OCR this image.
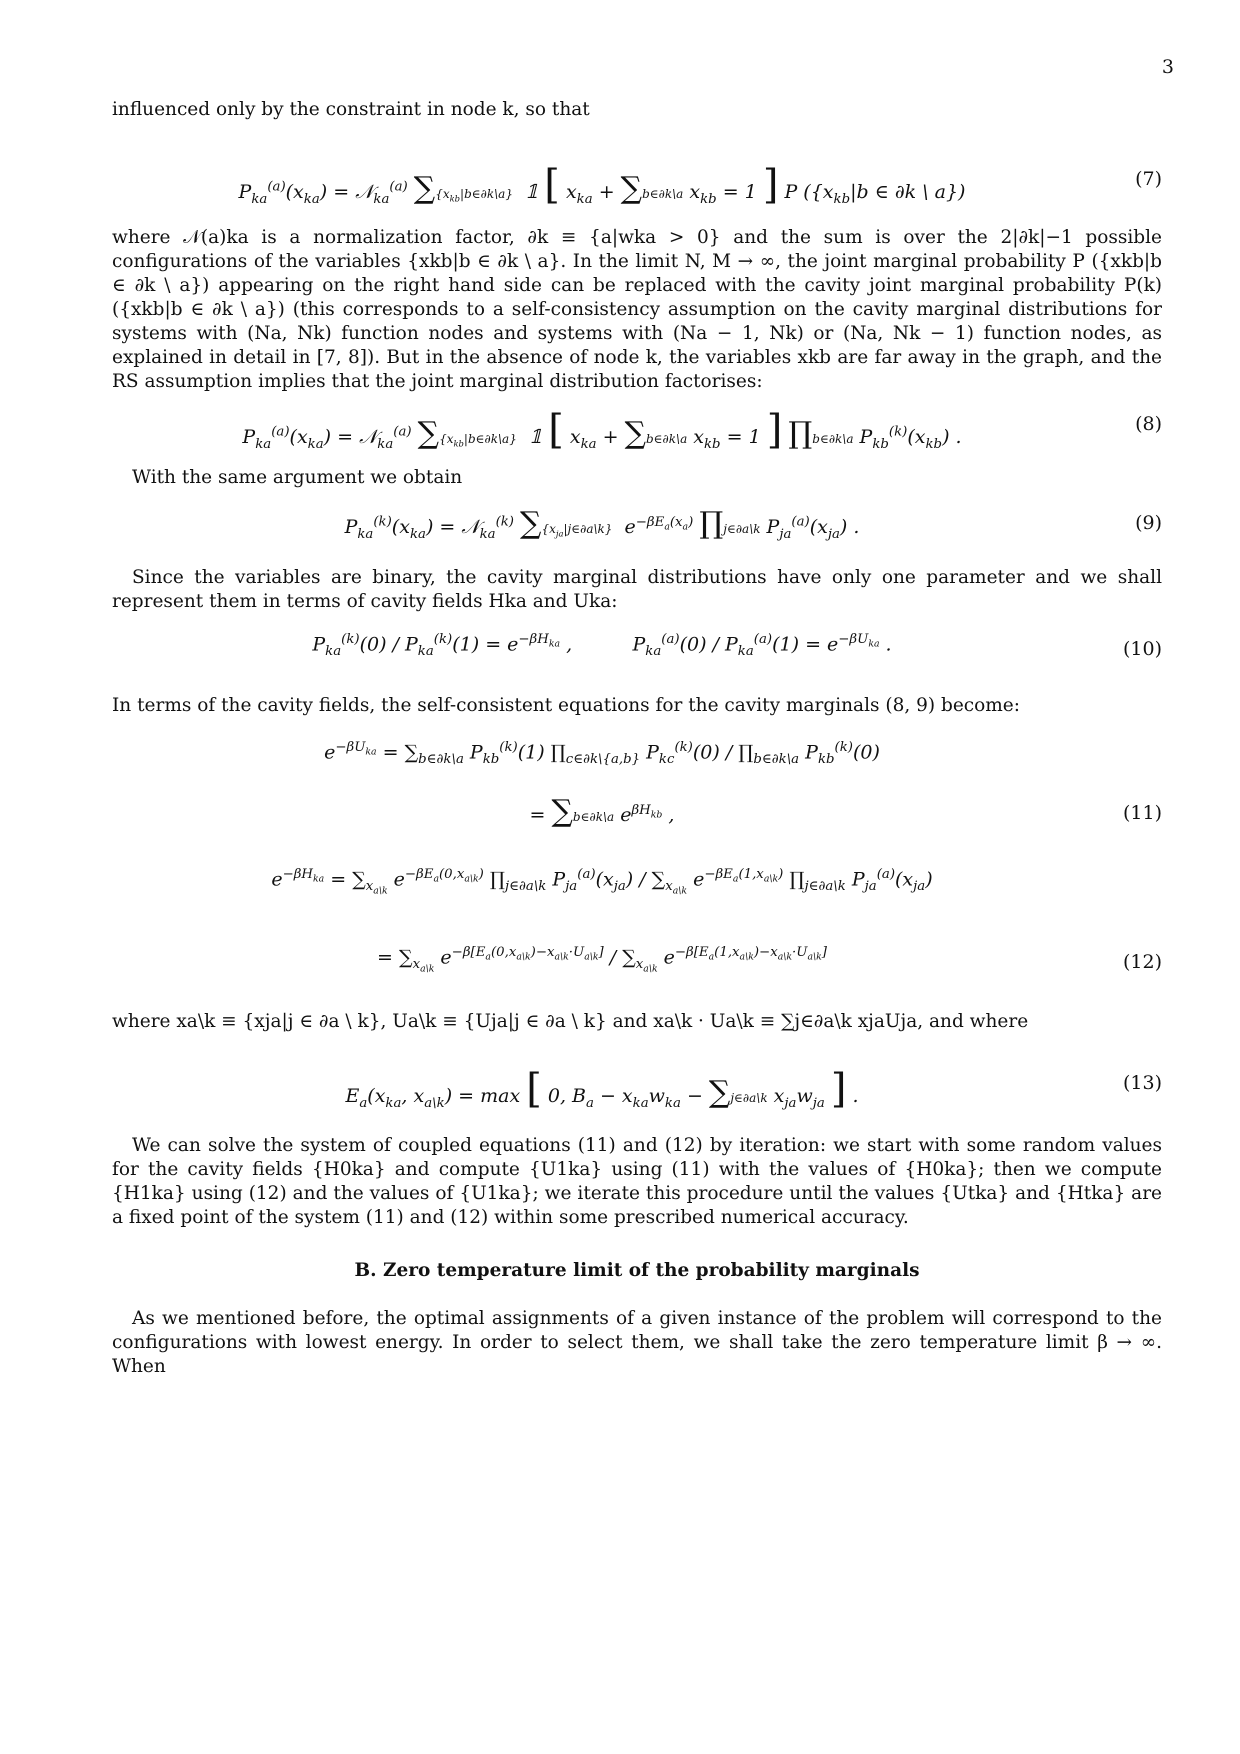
3
influenced only by the constraint in node k, so that
$P_{ka}^{(a)}(x_{ka})$ = 𝒩$_{ka}^{(a)}$ $\sum\{x_{kb}|b\in\partial k\backslash a\}$  𝟙 [ $x_{ka}$ + ∑b∈∂k\a $x_{kb} = 1$ ] P ({$x_{kb}|b$ ∈ ∂k \ a})
(7)
where 𝒩(a)ka is a normalization factor, ∂k ≡ {a|wka > 0} and the sum is over the 2|∂k|−1 possible configurations of the variables {xkb|b ∈ ∂k \ a}. In the limit N, M → ∞, the joint marginal probability P ({xkb|b ∈ ∂k \ a}) appearing on the right hand side can be replaced with the cavity joint marginal probability P(k) ({xkb|b ∈ ∂k \ a}) (this corresponds to a self-consistency assumption on the cavity marginal distributions for systems with (Na, Nk) function nodes and systems with (Na − 1, Nk) or (Na, Nk − 1) function nodes, as explained in detail in [7, 8]). But in the absence of node k, the variables xkb are far away in the graph, and the RS assumption implies that the joint marginal distribution factorises:
$P_{ka}^{(a)}(x_{ka})$ = 𝒩$_{ka}^{(a)}$ $\sum\{x_{kb}|b\in\partial k\backslash a\}$  𝟙 [ $x_{ka}$ + ∑b∈∂k\a $x_{kb} = 1$ ] ∏b∈∂k\a $P_{kb}^{(k)}(x_{kb})$ .
(8)
With the same argument we obtain
$P_{ka}^{(k)}(x_{ka})$ = 𝒩$_{ka}^{(k)}$ $\sum\{x_{ja}|j\in\partial a\backslash k\}$  $e^{-\beta E_a(x_a)}$ ∏j∈∂a\k $P_{ja}^{(a)}(x_{ja})$ .	(9)
Since the variables are binary, the cavity marginal distributions have only one parameter and we shall represent them in terms of cavity fields Hka and Uka:
$P_{ka}^{(k)}(0) / P_{ka}^{(k)}(1) = e^{-\beta H_{ka}}$ ,          $P_{ka}^{(a)}(0) / P_{ka}^{(a)}(1) = e^{-\beta U_{ka}}$ .	(10)
In terms of the cavity fields, the self-consistent equations for the cavity marginals (8, 9) become:
$e^{-\beta U_{ka}} = \sum_{b\in\partial k\backslash a}$ $P_{kb}^{(k)}(1)$ $\prod_{c\in\partial k\backslash\{a,b\}}$ $P_{kc}^{(k)}(0)$ / $\prod_{b\in\partial k\backslash a}$ $P_{kb}^{(k)}(0)$
= ∑b∈∂k\a $e^{\beta H_{kb}}$ ,	(11)
$e^{-\beta H_{ka}} = \sum_{x_{a\backslash k}}$ $e^{-\beta E_a(0,x_{a\backslash k})}$ $\prod_{j\in\partial a\backslash k}$ $P_{ja}^{(a)}(x_{ja}) / \sum_{x_{a\backslash k}}$ $e^{-\beta E_a(1,x_{a\backslash k})}$ $\prod_{j\in\partial a\backslash k}$ $P_{ja}^{(a)}(x_{ja})$
= $\sum_{x_{a\backslash k}}$ $e^{-\beta[E_a(0,x_{a\backslash k})-x_{a\backslash k}\cdot U_{a\backslash k}]} / \sum_{x_{a\backslash k}}$ $e^{-\beta[E_a(1,x_{a\backslash k})-x_{a\backslash k}\cdot U_{a\backslash k}]}$	(12)
where xa\k ≡ {xja|j ∈ ∂a \ k}, Ua\k ≡ {Uja|j ∈ ∂a \ k} and xa\k · Ua\k ≡ ∑j∈∂a\k xjaUja, and where
$E_a(x_{ka}$, $x_{a\backslash k}) = \max$ [ 0, $B_a - x_{ka}w_{ka}$ − ∑j∈∂a\k $x_{ja}w_{ja}$ ] .
(13)
We can solve the system of coupled equations (11) and (12) by iteration: we start with some random values for the cavity fields {H0ka} and compute {U1ka} using (11) with the values of {H0ka}; then we compute {H1ka} using (12) and the values of {U1ka}; we iterate this procedure until the values {Utka} and {Htka} are a fixed point of the system (11) and (12) within some prescribed numerical accuracy.
B. Zero temperature limit of the probability marginals
As we mentioned before, the optimal assignments of a given instance of the problem will correspond to the configurations with lowest energy. In order to select them, we shall take the zero temperature limit β → ∞. When
